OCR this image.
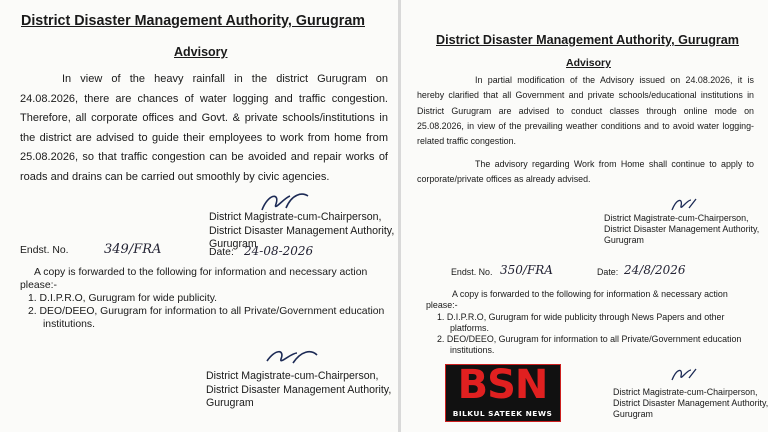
District Disaster Management Authority, Gurugram
Advisory
In view of the heavy rainfall in the district Gurugram on 24.08.2026, there are chances of water logging and traffic congestion. Therefore, all corporate offices and Govt. & private schools/institutions in the district are advised to guide their employees to work from home from 25.08.2026, so that traffic congestion can be avoided and repair works of roads and drains can be carried out smoothly by civic agencies.
District Magistrate-cum-Chairperson,
District Disaster Management Authority,
Gurugram
Endst. No.	349/FRA	Date: 24-08-2026
A copy is forwarded to the following for information and necessary action please:-
1. D.I.P.R.O, Gurugram for wide publicity.
2. DEO/DEEO, Gurugram for information to all Private/Government education institutions.
District Magistrate-cum-Chairperson,
District Disaster Management Authority,
Gurugram
District Disaster Management Authority, Gurugram
Advisory
In partial modification of the Advisory issued on 24.08.2026, it is hereby clarified that all Government and private schools/educational institutions in District Gurugram are advised to conduct classes through online mode on 25.08.2026, in view of the prevailing weather conditions and to avoid water logging-related traffic congestion.
The advisory regarding Work from Home shall continue to apply to corporate/private offices as already advised.
District Magistrate-cum-Chairperson,
District Disaster Management Authority,
Gurugram
Endst. No. 350/FRA	Date: 24/8/2026
A copy is forwarded to the following for information & necessary action please:-
1. D.I.P.R.O, Gurugram for wide publicity through News Papers and other platforms.
2. DEO/DEEO, Gurugram for information to all Private/Government education institutions.
District Magistrate-cum-Chairperson,
District Disaster Management Authority,
Gurugram
BSN
BILKUL SATEEK NEWS
